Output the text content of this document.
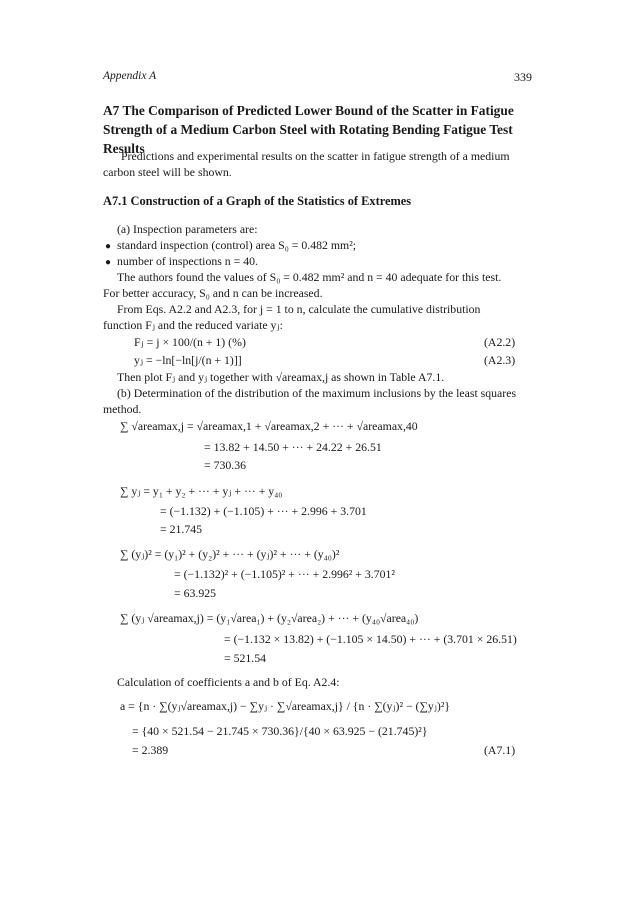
Appendix A	339
A7 The Comparison of Predicted Lower Bound of the Scatter in Fatigue Strength of a Medium Carbon Steel with Rotating Bending Fatigue Test Results
Predictions and experimental results on the scatter in fatigue strength of a medium
carbon steel will be shown.
A7.1 Construction of a Graph of the Statistics of Extremes
(a) Inspection parameters are:
● standard inspection (control) area S₀ = 0.482 mm²;
● number of inspections n = 40.
The authors found the values of S₀ = 0.482 mm² and n = 40 adequate for this test.
For better accuracy, S₀ and n can be increased.
From Eqs. A2.2 and A2.3, for j = 1 to n, calculate the cumulative distribution
function Fⱼ and the reduced variate yⱼ:
Fⱼ = j × 100/(n + 1) (%)	(A2.2)
yⱼ = −ln[−ln[j/(n + 1)]]	(A2.3)
Then plot Fⱼ and yⱼ together with √areamax,j as shown in Table A7.1.
(b) Determination of the distribution of the maximum inclusions by the least squares
method.
∑ √areamax,j = √areamax,1 + √areamax,2 + ··· + √areamax,40
= 13.82 + 14.50 + ··· + 24.22 + 26.51
= 730.36
∑ yⱼ = y₁ + y₂ + ··· + yⱼ + ··· + y₄₀
= (−1.132) + (−1.105) + ··· + 2.996 + 3.701
= 21.745
∑ (yⱼ)² = (y₁)² + (y₂)² + ··· + (yⱼ)² + ··· + (y₄₀)²
= (−1.132)² + (−1.105)² + ··· + 2.996² + 3.701²
= 63.925
∑ (yⱼ √areamax,j) = (y₁√area₁) + (y₂√area₂) + ··· + (y₄₀√area₄₀)
= (−1.132 × 13.82) + (−1.105 × 14.50) + ··· + (3.701 × 26.51)
= 521.54
Calculation of coefficients a and b of Eq. A2.4:
a = {n · ∑(yⱼ√areamax,j) − ∑yⱼ · ∑√areamax,j} / {n · ∑(yⱼ)² − (∑yⱼ)²}
= {40 × 521.54 − 21.745 × 730.36}/{40 × 63.925 − (21.745)²}
= 2.389	(A7.1)
